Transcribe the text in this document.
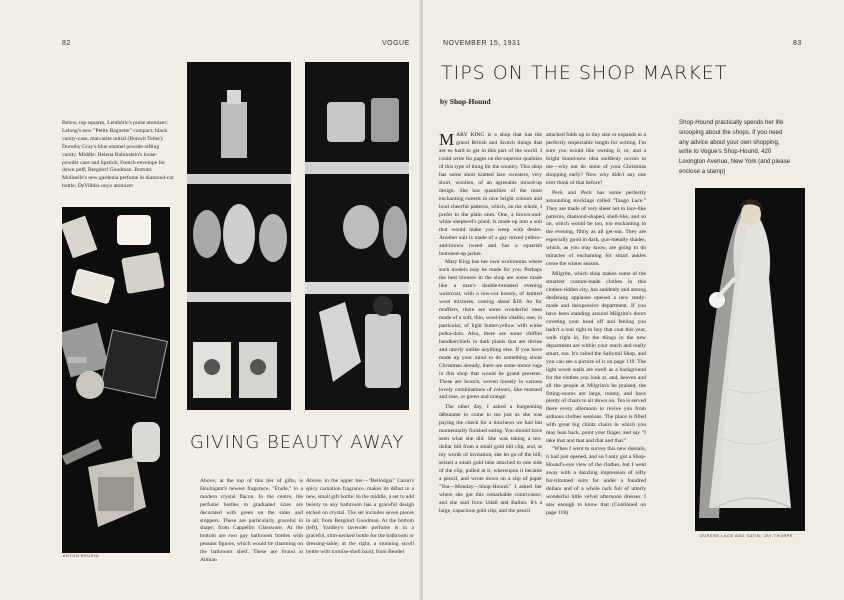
82	VOGUE
Below, top squares, Lenthéric's purse atomizer; Lelong's new "Petite Baguette" compact; black vanity-case, marcasite initial (Bonwit Teller); Dorothy Gray's blue enamel powder-sifting vanity. Middle: Helena Rubinstein's loose-powder case and lipstick; French envelope for down puff; Bergdorf Goodman. Bottom: Molinelle's new gardenia perfume in diamond-cut bottle; DeVilbiss onyx atomizer
ANTON BRUEHL
GIVING BEAUTY AWAY
Above, at the top of this tier of gifts, is Houbigant's newest fragrance, "Étude," in a modern crystal flacon. In the centre, the perfume bottles in graduated sizes are decorated with green on the sides and stoppers. These are particularly graceful in shape; from Cappellin Glassware. At the bottom are two gay bathroom bottles with peasant figures, which would be charming on the bathroom shelf. These are found at Altman
Above, in the upper tier—"Bellodgia" Caron's spicy carnation fragrance, makes its début in a new, small gift bottle. In the middle, a set to add beauty to any bathroom has a graceful design etched on crystal. The set includes seven pieces in all; from Bergdorf Goodman. At the bottom (left), Yardley's lavender perfume is in a graceful, slim-necked bottle for the bathroom or dressing-table; at the right, a stunning scroll bottle with tortoise-shell band; from Bendel
NOVEMBER 15, 1931	83
TIPS ON THE SHOP MARKET
by Shop-Hound
MARY KING is a shop that has the grand British and Scotch things that are so hard to get in this part of the world. I could write for pages on the superior qualities of this type of thing for the country. This shop has some short knitted lace sweaters, very short, woollen, of an agreeable mixed-up design. She has quantities of the most enchanting tweeds in nice bright colours and loud cheerful patterns, which, on the whole, I prefer to the plain ones. One, a brown-and-white shepherd's plaid, is made up into a suit that would make you weep with desire. Another suit is made of a gay mixed yellow-and-brown tweed and has a squarish buttoned-up jacket.
Mary King has her own workrooms where such models may be made for you. Perhaps the best blouses in the shop are some made like a man's double-breasted evening waistcoat, with a low-cut bosom, of knitted wool mixtures, costing about $18. As for mufflers, there are some wonderful ones made of a soft, thin, wool-like challis; one, in particular, of light butter-yellow with white polka-dots. Also, there are some chiffon handkerchiefs in dark plaids that are divine and utterly unlike anything else. If you have made up your mind to do something about Christmas already, there are some motor rugs in this shop that would be grand presents. These are Scotch, woven loosely in various lovely combinations of colours, like mustard and rose, or green and orange.
The other day, I asked a burgeoning débutante to come to tea just as she was paying the check for a luncheon we had but momentarily finished eating. You should have seen what she did. She was taking a ten-dollar bill from a small gold bill clip, and, at my words of invitation, she let go of the bill, seized a small gold tube attached to one side of the clip, pulled at it, whereupon it became a pencil, and wrote down on a slip of paper "Tea—Monday—Shop-Hound." I asked her where she got this remarkable contrivance, and she said from Udall and Ballou. It's a large, capacious gold clip, and the pencil
attached folds up to tiny size or expands to a perfectly respectable length for writing. I'm sure you would like owning it, or, and a bright brand-new idea suddenly occurs to me—why not do some of your Christmas shopping early? Now why didn't any one ever think of that before?
Peck and Peck has some perfectly astounding stockings called "Tango Lace." They are made of very sheer net in lace-like patterns, diamond-shaped, shell-like, and so on, which would be too, too enchanting in the evening, filmy as all get-out. They are especially good in dark, gun-metally shades, which, as you may know, are going to do miracles of enchanting for smart ankles come the winter season.
Milgrim, which shop makes some of the smartest custom-made clothes in this clothes-ridden city, has suddenly and among deafening applause opened a new ready-made and inexpensive department. If you have been standing around Milgrim's doors coveting your head off and feeling you hadn't a real right to buy that coat this year, walk right in, for the things in the new department are within your reach and really smart, too. It's called the Sallymil Shop, and you can see a picture of it on page 118. The light wood walls are swell as a background for the clothes you look at, and, heaven and all the people at Milgrim's be praised, the fitting-rooms are large, roomy, and have plenty of chairs to sit down on. Tea is served there every afternoon to revive you from arduous clothes sessions. The place is filled with great big chintz chairs in which you may lean back, point your finger, and say "I take that and that and that and that."
"When I went to survey this new domain, it had just opened, and so I only got a Shop-Hound's-eye view of the clothes, but I went away with a dazzling impression of nifty fur-trimmed suits for under a hundred dollars and of a whole rack full of utterly wonderful little velvet afternoon dresses. I saw enough to know that (Continued on page 118)
Shop-Hound practically spends her life snooping about the shops. If you need any advice about your own shopping, write to Vogue's Shop-Hound, 420 Lexington Avenue, New York (and please enclose a stamp)
DURENE LACE AND SATIN; JAY-THORPE
